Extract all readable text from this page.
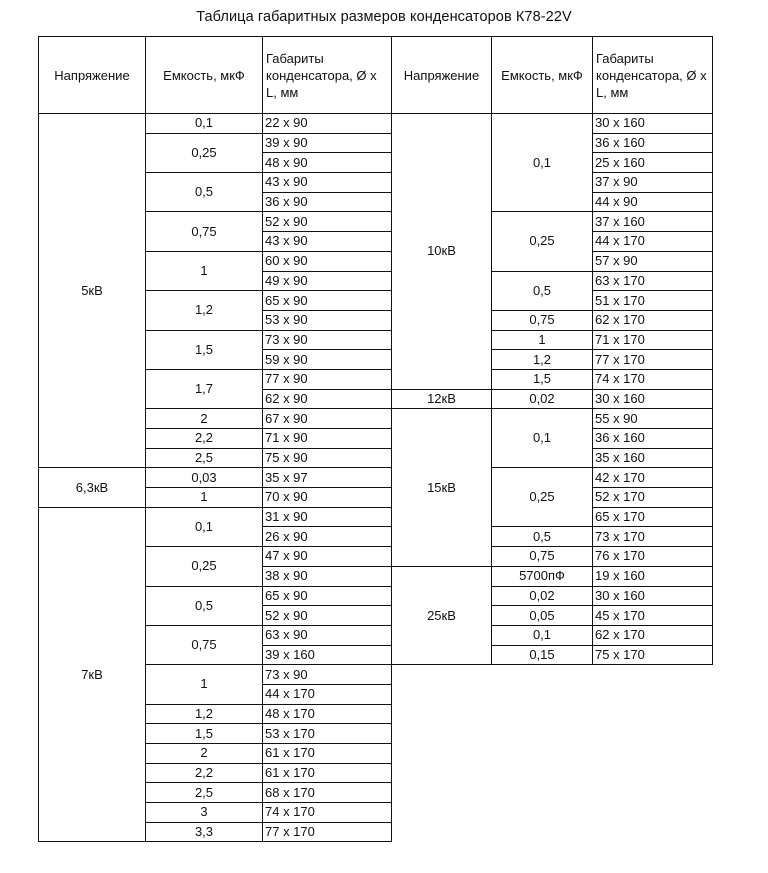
Таблица габаритных размеров конденсаторов К78-22V
Напряжение	Емкость, мкФ	Габариты конденсатора, Ø x L, мм
5кВ	0,1	22 x 90
	0,25	39 x 90
		48 x 90
	0,5	43 x 90
		36 x 90
	0,75	52 x 90
		43 x 90
	1	60 x 90
		49 x 90
	1,2	65 x 90
		53 x 90
	1,5	73 x 90
		59 x 90
	1,7	77 x 90
		62 x 90
	2	67 x 90
	2,2	71 x 90
	2,5	75 x 90
6,3кВ	0,03	35 x 97
	1	70 x 90
7кВ	0,1	31 x 90
		26 x 90
	0,25	47 x 90
		38 x 90
	0,5	65 x 90
		52 x 90
	0,75	63 x 90
		39 x 160
	1	73 x 90
		44 x 170
	1,2	48 x 170
	1,5	53 x 170
	2	61 x 170
	2,2	61 x 170
	2,5	68 x 170
	3	74 x 170
	3,3	77 x 170
Напряжение	Емкость, мкФ	Габариты конденсатора, Ø x L, мм
10кВ	0,1	30 x 160
		36 x 160
		25 x 160
		37 x 90
		44 x 90
	0,25	37 x 160
		44 x 170
		57 x 90
	0,5	63 x 170
		51 x 170
	0,75	62 x 170
	1	71 x 170
	1,2	77 x 170
	1,5	74 x 170
12кВ	0,02	30 x 160
15кВ	0,1	55 x 90
		36 x 160
		35 x 160
	0,25	42 x 170
		52 x 170
		65 x 170
	0,5	73 x 170
	0,75	76 x 170
25кВ	5700пФ	19 x 160
	0,02	30 x 160
	0,05	45 x 170
	0,1	62 x 170
	0,15	75 x 170
